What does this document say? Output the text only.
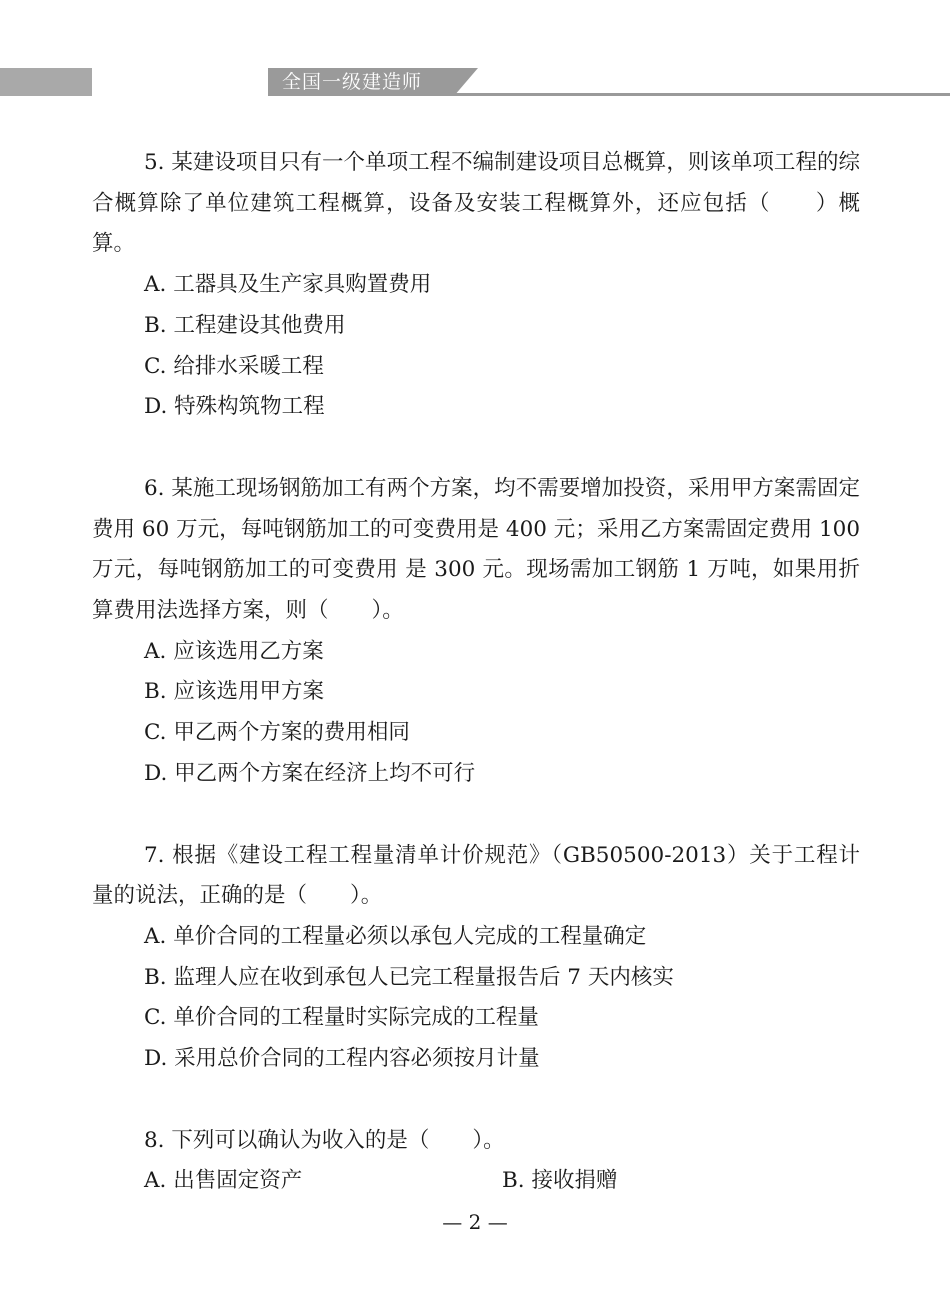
全国一级建造师

5. 某建设项目只有一个单项工程不编制建设项目总概算，则该单项工程的综合概算除了单位建筑工程概算，设备及安装工程概算外，还应包括（　　）概算。

A. 工器具及生产家具购置费用

B. 工程建设其他费用

C. 给排水采暖工程

D. 特殊构筑物工程

6. 某施工现场钢筋加工有两个方案，均不需要增加投资，采用甲方案需固定费用 60 万元，每吨钢筋加工的可变费用是 400 元；采用乙方案需固定费用 100 万元，每吨钢筋加工的可变费用 是 300 元。现场需加工钢筋 1 万吨，如果用折算费用法选择方案，则（　　）。

A. 应该选用乙方案

B. 应该选用甲方案

C. 甲乙两个方案的费用相同

D. 甲乙两个方案在经济上均不可行

7. 根据《建设工程工程量清单计价规范》（GB50500-2013）关于工程计量的说法，正确的是（　　）。

A. 单价合同的工程量必须以承包人完成的工程量确定

B. 监理人应在收到承包人已完工程量报告后 7 天内核实

C. 单价合同的工程量时实际完成的工程量

D. 采用总价合同的工程内容必须按月计量

8. 下列可以确认为收入的是（　　）。

A. 出售固定资产	B. 接收捐赠
— 2 —
